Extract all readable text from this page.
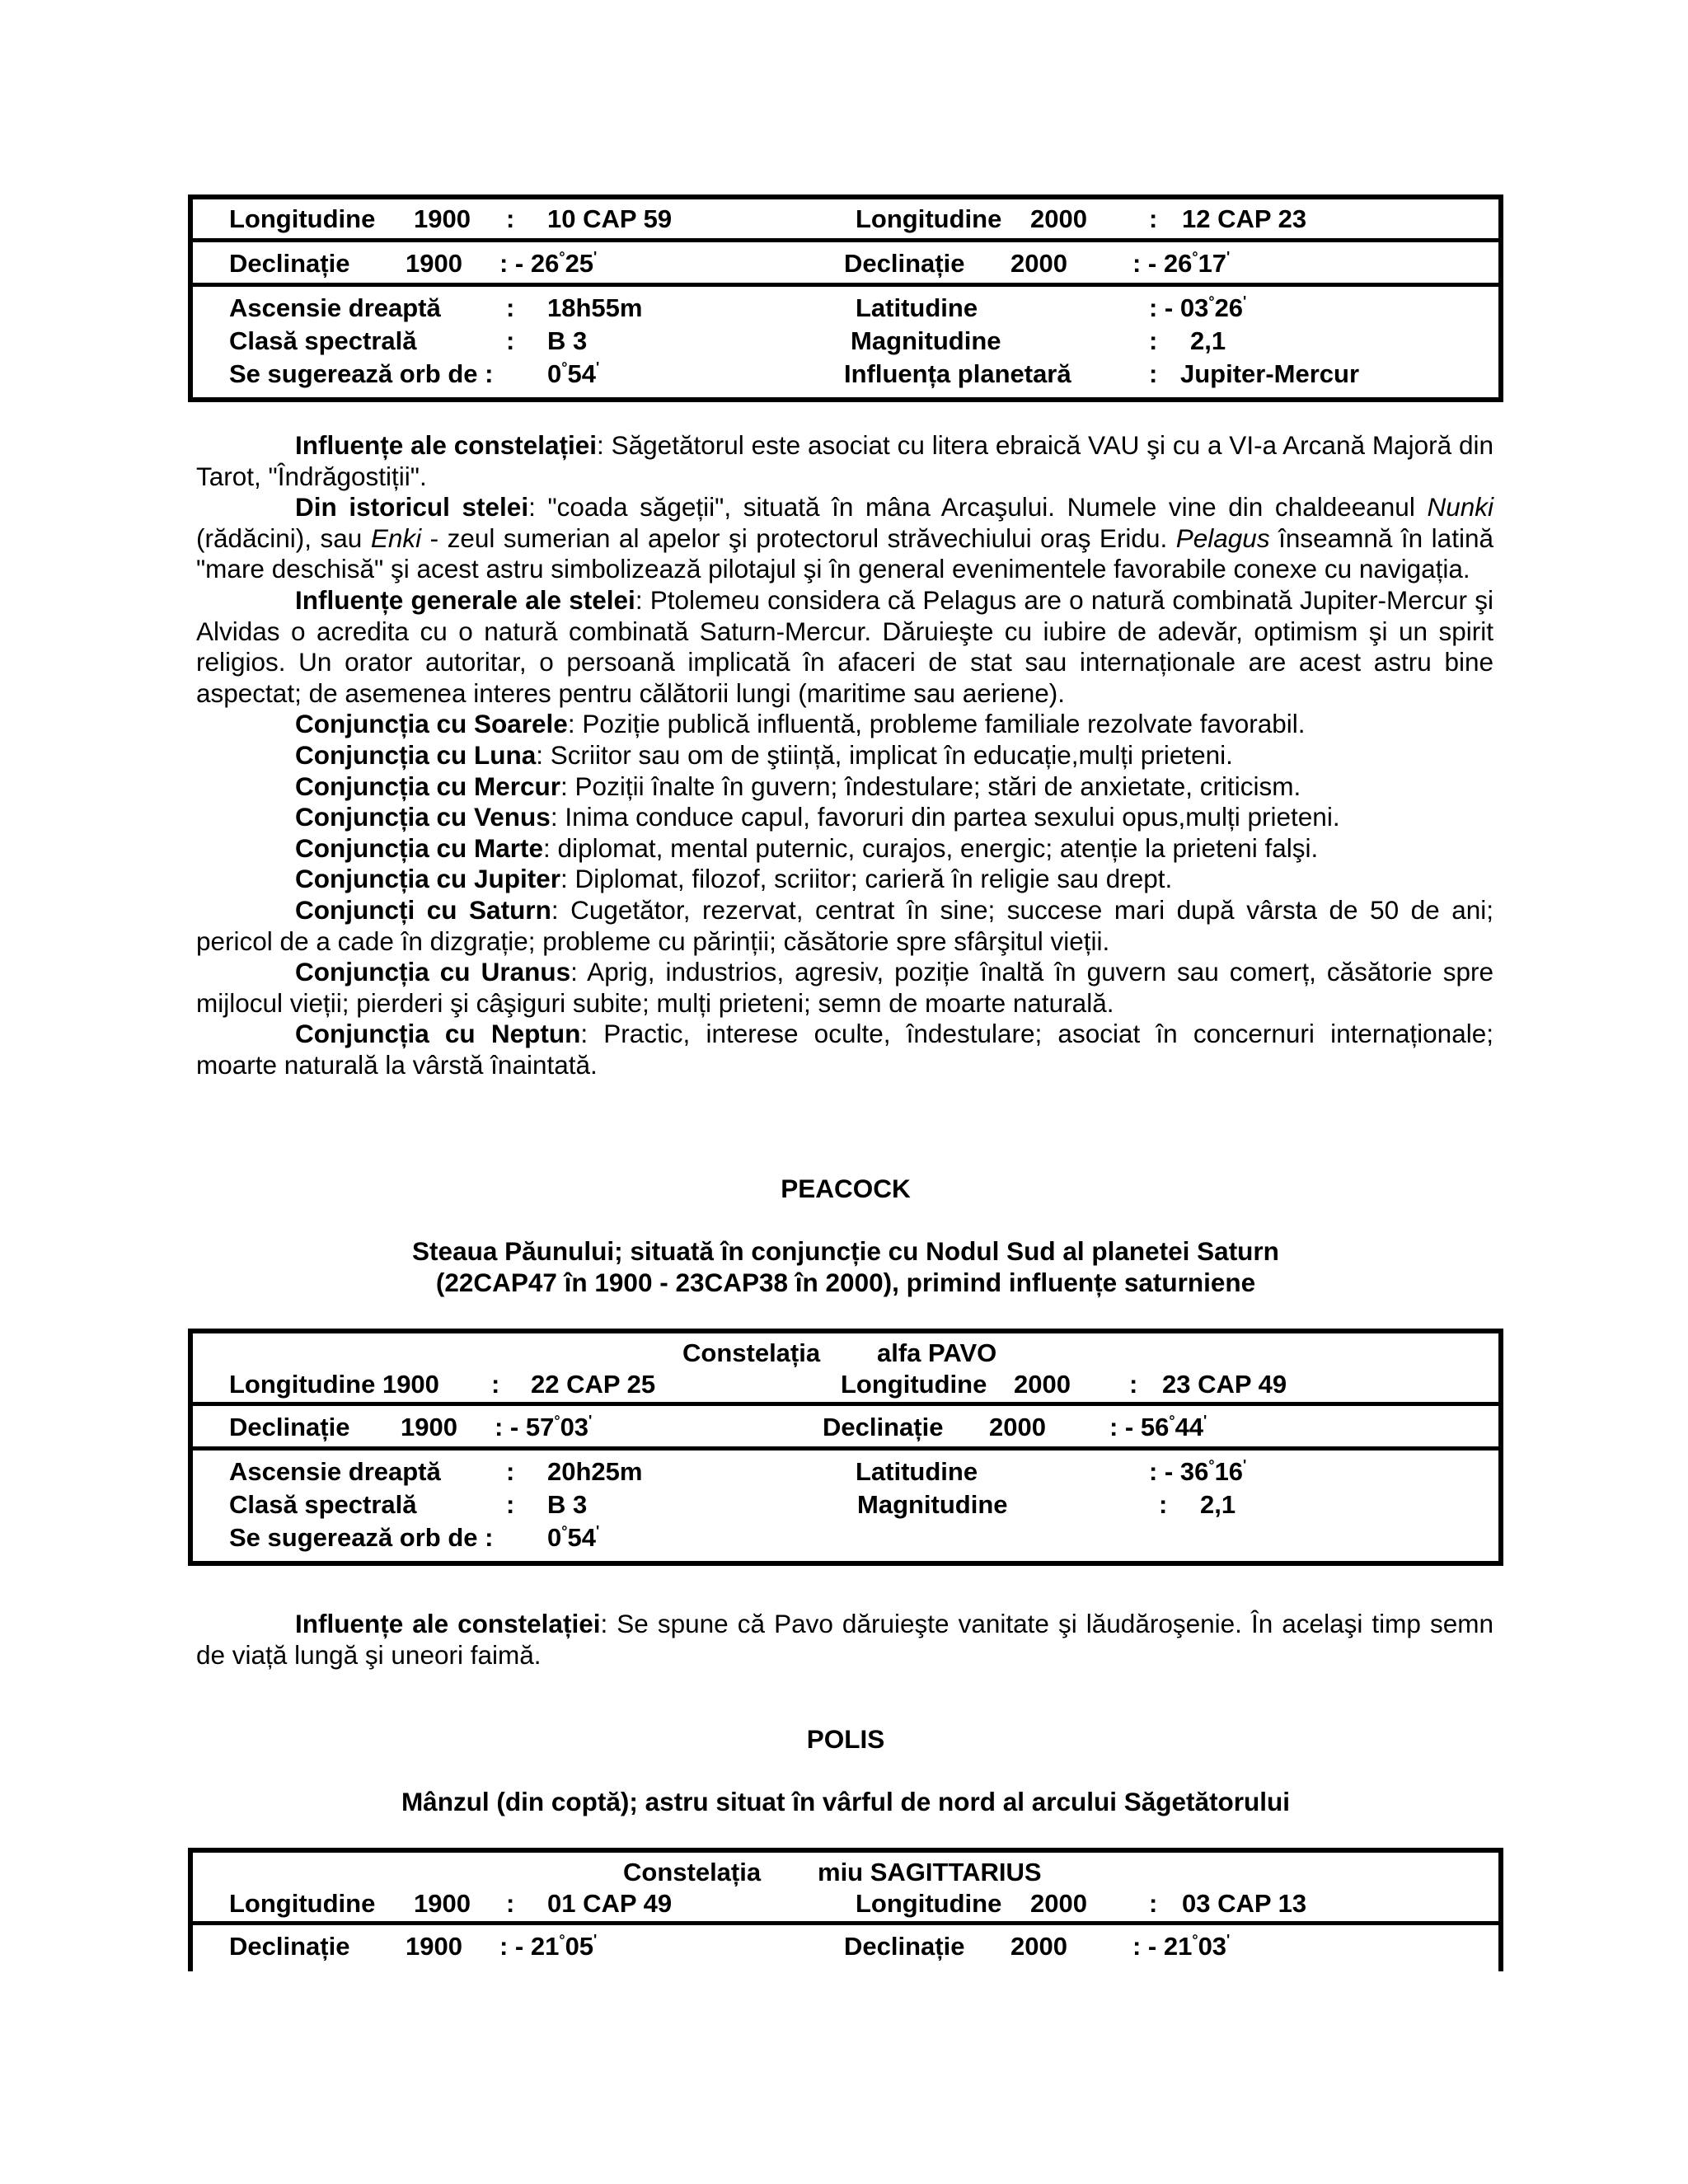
Longitudine 1900 : 10 CAP 59	Longitudine 2000 : 12 CAP 23
Declinație 1900 : - 26°25'	Declinație 2000	: - 26°17'
Ascensie dreaptă	: 18h55m	Latitudine	: - 03°26'
Clasă spectrală	: B 3	Magnitudine	: 2,1
Se sugerează orb de : 0°54'	Influența planetară	: Jupiter-Mercur

Influențe ale constelației: Săgetătorul este asociat cu litera ebraică VAU şi cu a VI-a Arcană Majoră din Tarot, "Îndrăgostiții".

Din istoricul stelei: "coada săgeții", situată în mâna Arcaşului. Numele vine din chaldeeanul Nunki (rădăcini), sau Enki - zeul sumerian al apelor şi protectorul străvechiului oraş Eridu. Pelagus înseamnă în latină "mare deschisă" şi acest astru simbolizează pilotajul şi în general evenimentele favorabile conexe cu navigația.

Influențe generale ale stelei: Ptolemeu considera că Pelagus are o natură combinată Jupiter-Mercur şi Alvidas o acredita cu o natură combinată Saturn-Mercur. Dăruieşte cu iubire de adevăr, optimism şi un spirit religios. Un orator autoritar, o persoană implicată în afaceri de stat sau internaționale are acest astru bine aspectat; de asemenea interes pentru călătorii lungi (maritime sau aeriene).

Conjuncția cu Soarele: Poziție publică influentă, probleme familiale rezolvate favorabil.

Conjuncția cu Luna: Scriitor sau om de ştiință, implicat în educație,mulți prieteni.

Conjuncția cu Mercur: Poziții înalte în guvern; îndestulare; stări de anxietate, criticism.

Conjuncția cu Venus: Inima conduce capul, favoruri din partea sexului opus,mulți prieteni.

Conjuncția cu Marte: diplomat, mental puternic, curajos, energic; atenție la prieteni falşi.

Conjuncția cu Jupiter: Diplomat, filozof, scriitor; carieră în religie sau drept.

Conjuncți cu Saturn: Cugetător, rezervat, centrat în sine; succese mari după vârsta de 50 de ani; pericol de a cade în dizgrație; probleme cu părinții; căsătorie spre sfârşitul vieții.

Conjuncția cu Uranus: Aprig, industrios, agresiv, poziție înaltă în guvern sau comerț, căsătorie spre mijlocul vieții; pierderi şi câşiguri subite; mulți prieteni; semn de moarte naturală.

Conjuncția cu Neptun: Practic, interese oculte, îndestulare; asociat în concernuri internaționale; moarte naturală la vârstă înaintată.

PEACOCK
Steaua Păunului; situată în conjuncție cu Nodul Sud al planetei Saturn
(22CAP47 în 1900 - 23CAP38 în 2000), primind influențe saturniene
Constelația alfa PAVO
Longitudine 1900 : 22 CAP 25	Longitudine 2000 : 23 CAP 49
Declinație 1900 : - 57°03'	Declinație 2000 : - 56°44'
Ascensie dreaptă	: 20h25m	Latitudine	: - 36°16'
Clasă spectrală	: B 3	Magnitudine	: 2,1
Se sugerează orb de : 0°54'

Influențe ale constelației: Se spune că Pavo dăruieşte vanitate şi lăudăroşenie. În acelaşi timp semn de viață lungă şi uneori faimă.

POLIS
Mânzul (din coptă); astru situat în vârful de nord al arcului Săgetătorului
Constelația miu SAGITTARIUS
Longitudine 1900 : 01 CAP 49	Longitudine 2000 : 03 CAP 13
Declinație 1900 : - 21°05'	Declinație 2000	: - 21°03'
